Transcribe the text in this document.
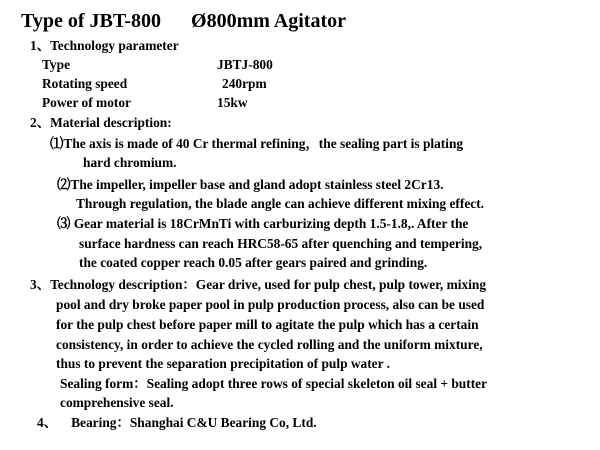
Type of JBT-800 Ø800mm Agitator
1、Technology parameter
Type	JBTJ-800
Rotating speed	240rpm
Power of motor	15kw
2、Material description:
⑴The axis is made of 40 Cr thermal refining，the sealing part is plating
hard chromium.
⑵The impeller, impeller base and gland adopt stainless steel 2Cr13.
Through regulation, the blade angle can achieve different mixing effect.
⑶ Gear material is 18CrMnTi with carburizing depth 1.5-1.8,. After the
surface hardness can reach HRC58-65 after quenching and tempering,
the coated copper reach 0.05 after gears paired and grinding.
3、Technology description：Gear drive, used for pulp chest, pulp tower, mixing
pool and dry broke paper pool in pulp production process, also can be used
for the pulp chest before paper mill to agitate the pulp which has a certain
consistency, in order to achieve the cycled rolling and the uniform mixture,
thus to prevent the separation precipitation of pulp water .
Sealing form：Sealing adopt three rows of special skeleton oil seal + butter
comprehensive seal.
4、 Bearing：Shanghai C&U Bearing Co, Ltd.
